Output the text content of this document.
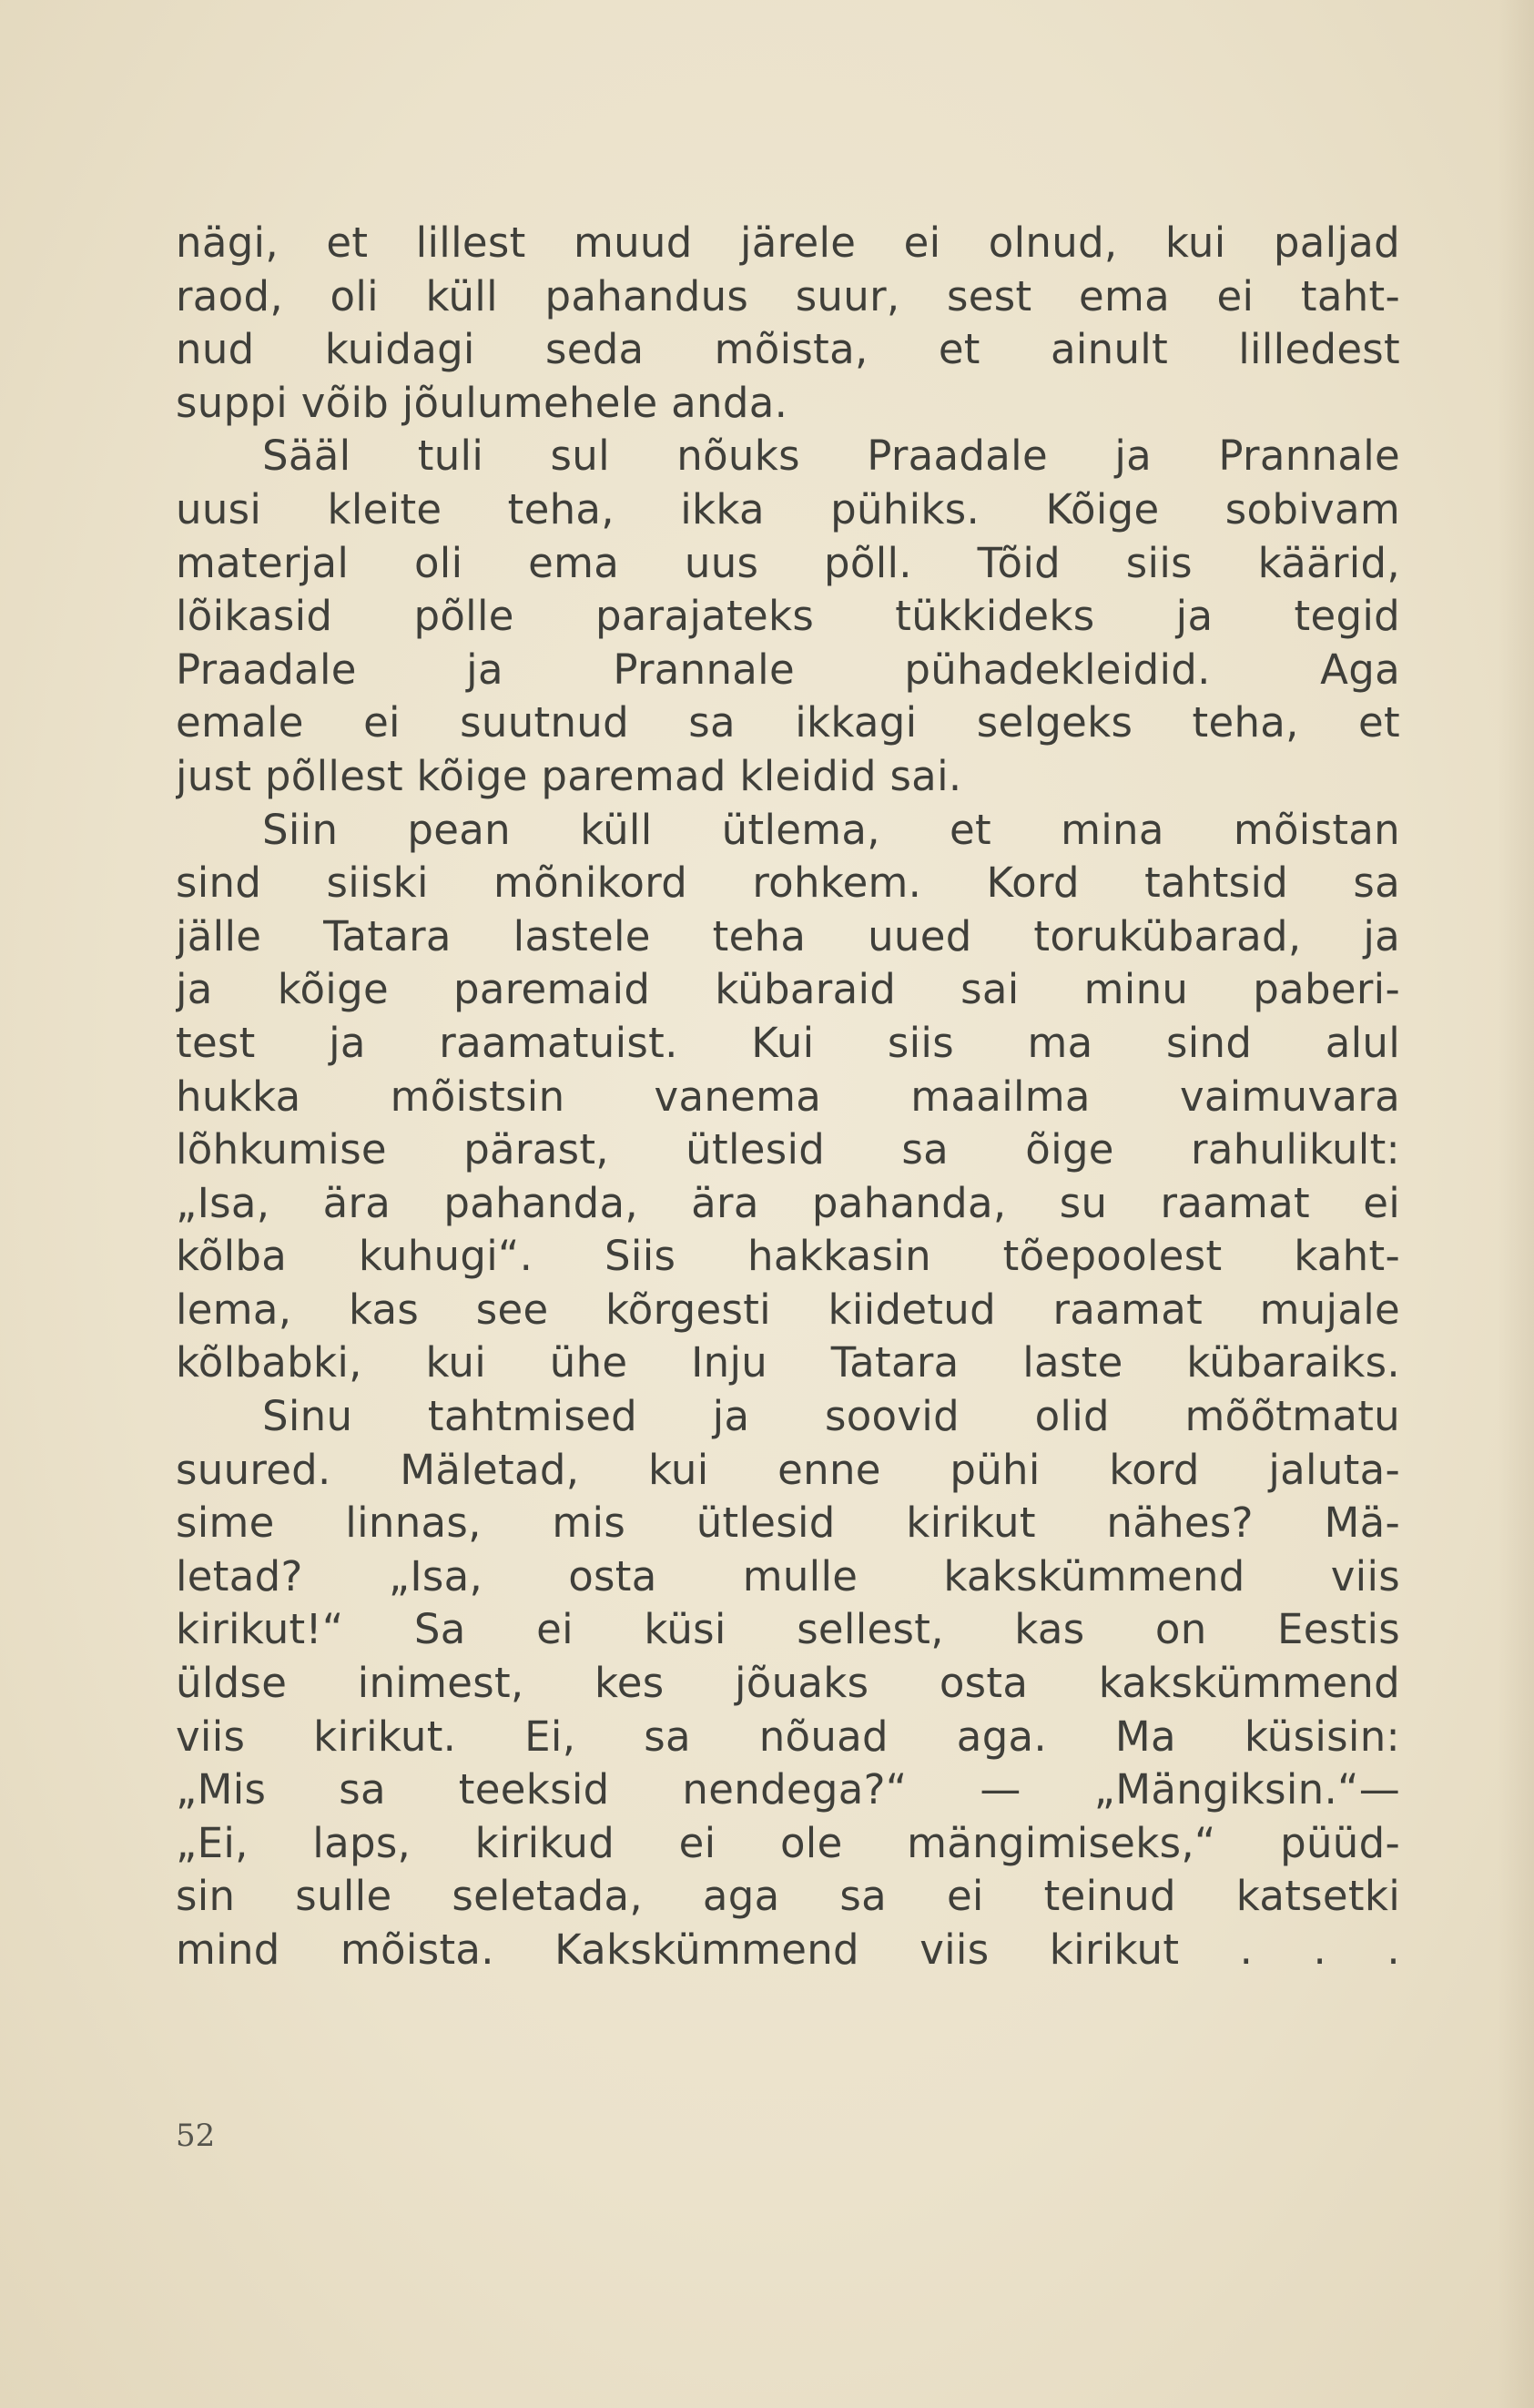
nägi, et lillest muud järele ei olnud, kui paljad
raod, oli küll pahandus suur, sest ema ei taht-
nud kuidagi seda mõista, et ainult lilledest
suppi võib jõulumehele anda.
Sääl tuli sul nõuks Praadale ja Prannale
uusi kleite teha, ikka pühiks. Kõige sobivam
materjal oli ema uus põll. Tõid siis käärid,
lõikasid põlle parajateks tükkideks ja tegid
Praadale ja Prannale pühadekleidid. Aga
emale ei suutnud sa ikkagi selgeks teha, et
just põllest kõige paremad kleidid sai.
Siin pean küll ütlema, et mina mõistan
sind siiski mõnikord rohkem. Kord tahtsid sa
jälle Tatara lastele teha uued torukübarad, ja
ja kõige paremaid kübaraid sai minu paberi-
test ja raamatuist. Kui siis ma sind alul
hukka mõistsin vanema maailma vaimuvara
lõhkumise pärast, ütlesid sa õige rahulikult:
„Isa, ära pahanda, ära pahanda, su raamat ei
kõlba kuhugi“. Siis hakkasin tõepoolest kaht-
lema, kas see kõrgesti kiidetud raamat mujale
kõlbabki, kui ühe Inju Tatara laste kübaraiks.
Sinu tahtmised ja soovid olid mõõtmatu
suured. Mäletad, kui enne pühi kord jaluta-
sime linnas, mis ütlesid kirikut nähes? Mä-
letad? „Isa, osta mulle kakskümmend viis
kirikut!“ Sa ei küsi sellest, kas on Eestis
üldse inimest, kes jõuaks osta kakskümmend
viis kirikut. Ei, sa nõuad aga. Ma küsisin:
„Mis sa teeksid nendega?“ — „Mängiksin.“—
„Ei, laps, kirikud ei ole mängimiseks,“ püüd-
sin sulle seletada, aga sa ei teinud katsetki
mind mõista. Kakskümmend viis kirikut . . .
52
